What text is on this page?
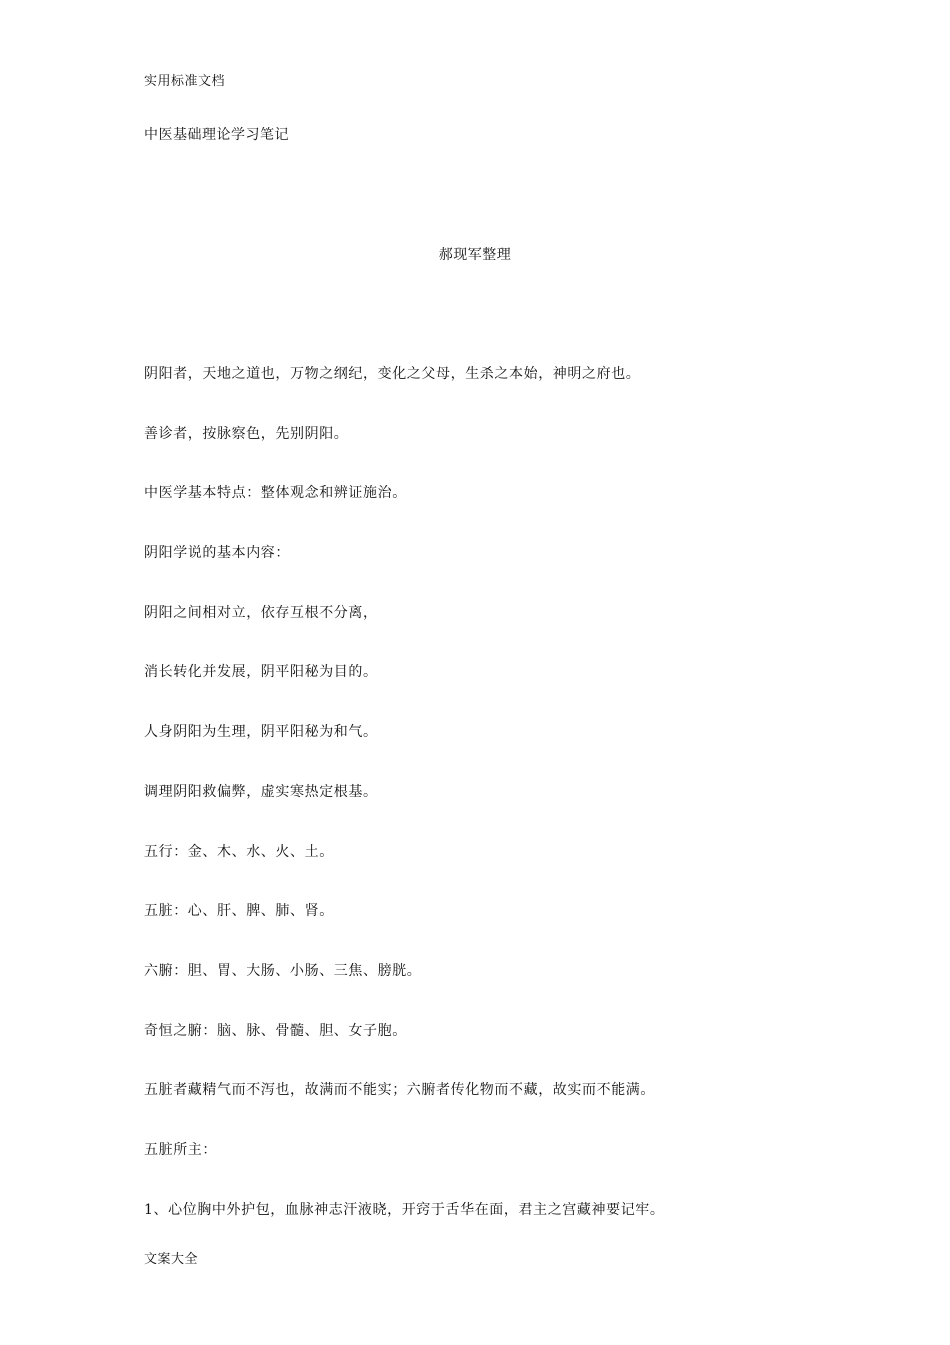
实用标准文档
中医基础理论学习笔记
郝现军整理
阴阳者，天地之道也，万物之纲纪，变化之父母，生杀之本始，神明之府也。
善诊者，按脉察色，先别阴阳。
中医学基本特点：整体观念和辨证施治。
阴阳学说的基本内容：
阴阳之间相对立，依存互根不分离，
消长转化并发展，阴平阳秘为目的。
人身阴阳为生理，阴平阳秘为和气。
调理阴阳救偏弊，虚实寒热定根基。
五行：金、木、水、火、土。
五脏：心、肝、脾、肺、肾。
六腑：胆、胃、大肠、小肠、三焦、膀胱。
奇恒之腑：脑、脉、骨髓、胆、女子胞。
五脏者藏精气而不泻也，故满而不能实；六腑者传化物而不藏，故实而不能满。
五脏所主：
1、心位胸中外护包，血脉神志汗液晓，开窍于舌华在面，君主之宫藏神要记牢。
文案大全
